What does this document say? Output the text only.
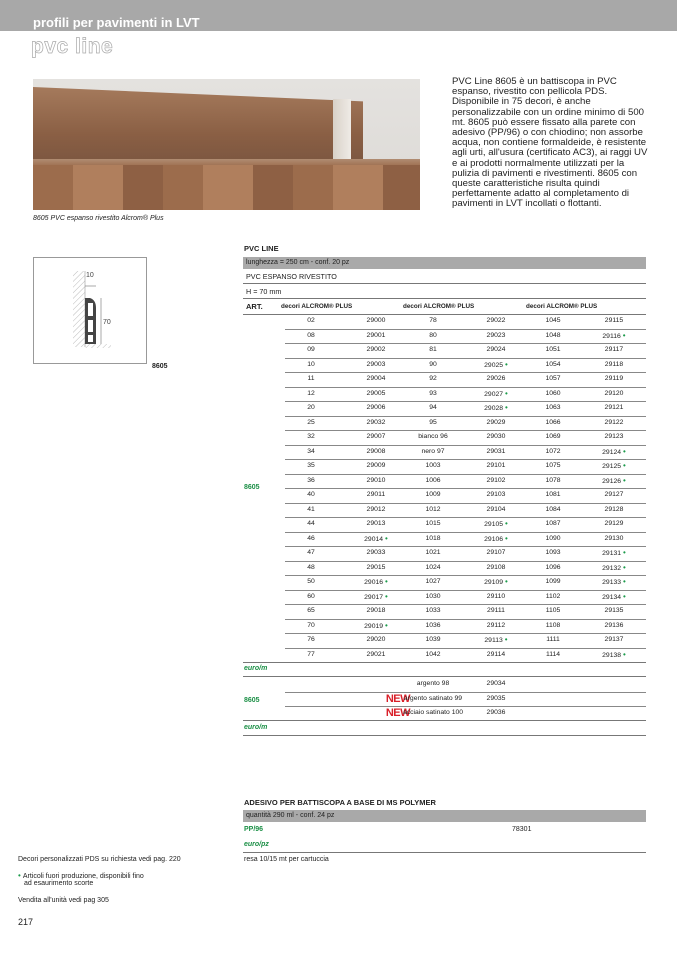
profili per pavimenti in LVT
pvc line
8605 PVC espanso rivestito Alcrom® Plus
PVC Line 8605 è un battiscopa in PVC espanso, rivestito con pellicola PDS. Disponibile in 75 decori, è anche personalizzabile con un ordine minimo di 500 mt. 8605 può essere fissato alla parete con adesivo (PP/96) o con chiodino; non assorbe acqua, non contiene formaldeide, è resistente agli urti, all'usura (certificato AC3), ai raggi UV e ai prodotti normalmente utilizzati per la pulizia di pavimenti e rivestimenti. 8605 con queste caratteristiche risulta quindi perfettamente adatto al completamento di pavimenti in LVT incollati o flottanti.
10
70
8605
PVC LINE
lunghezza = 250 cm - conf. 20 pz
PVC ESPANSO RIVESTITO
H = 70 mm
ART.	decori ALCROM® PLUS	decori ALCROM® PLUS	decori ALCROM® PLUS
02	29000	78	29022	1045	29115
08	29001	80	29023	1048	29116 •
09	29002	81	29024	1051	29117
10	29003	90	29025 •	1054	29118
11	29004	92	29026	1057	29119
12	29005	93	29027 •	1060	29120
20	29006	94	29028 •	1063	29121
25	29032	95	29029	1066	29122
32	29007	bianco 96	29030	1069	29123
34	29008	nero 97	29031	1072	29124 •
35	29009	1003	29101	1075	29125 •
36	29010	1006	29102	1078	29126 •
40	29011	1009	29103	1081	29127
41	29012	1012	29104	1084	29128
44	29013	1015	29105 •	1087	29129
46	29014 •	1018	29106 •	1090	29130
47	29033	1021	29107	1093	29131 •
48	29015	1024	29108	1096	29132 •
50	29016 •	1027	29109 •	1099	29133 •
60	29017 •	1030	29110	1102	29134 •
65	29018	1033	29111	1105	29135
70	29019 •	1036	29112	1108	29136
76	29020	1039	29113 •	1111	29137
77	29021	1042	29114	1114	29138 •
8605
euro/m
argento 98	29034
NEW
argento satinato 99	29035
NEW
acciaio satinato 100	29036
8605
euro/m
ADESIVO PER BATTISCOPA A BASE DI MS POLYMER
quantità 290 ml - conf. 24 pz
PP/96	78301
euro/pz
resa 10/15 mt per cartuccia
Decori personalizzati PDS su richiesta vedi pag. 220
• Articoli fuori produzione, disponibili fino
ad esaurimento scorte
Vendita all'unità vedi pag 305
217
